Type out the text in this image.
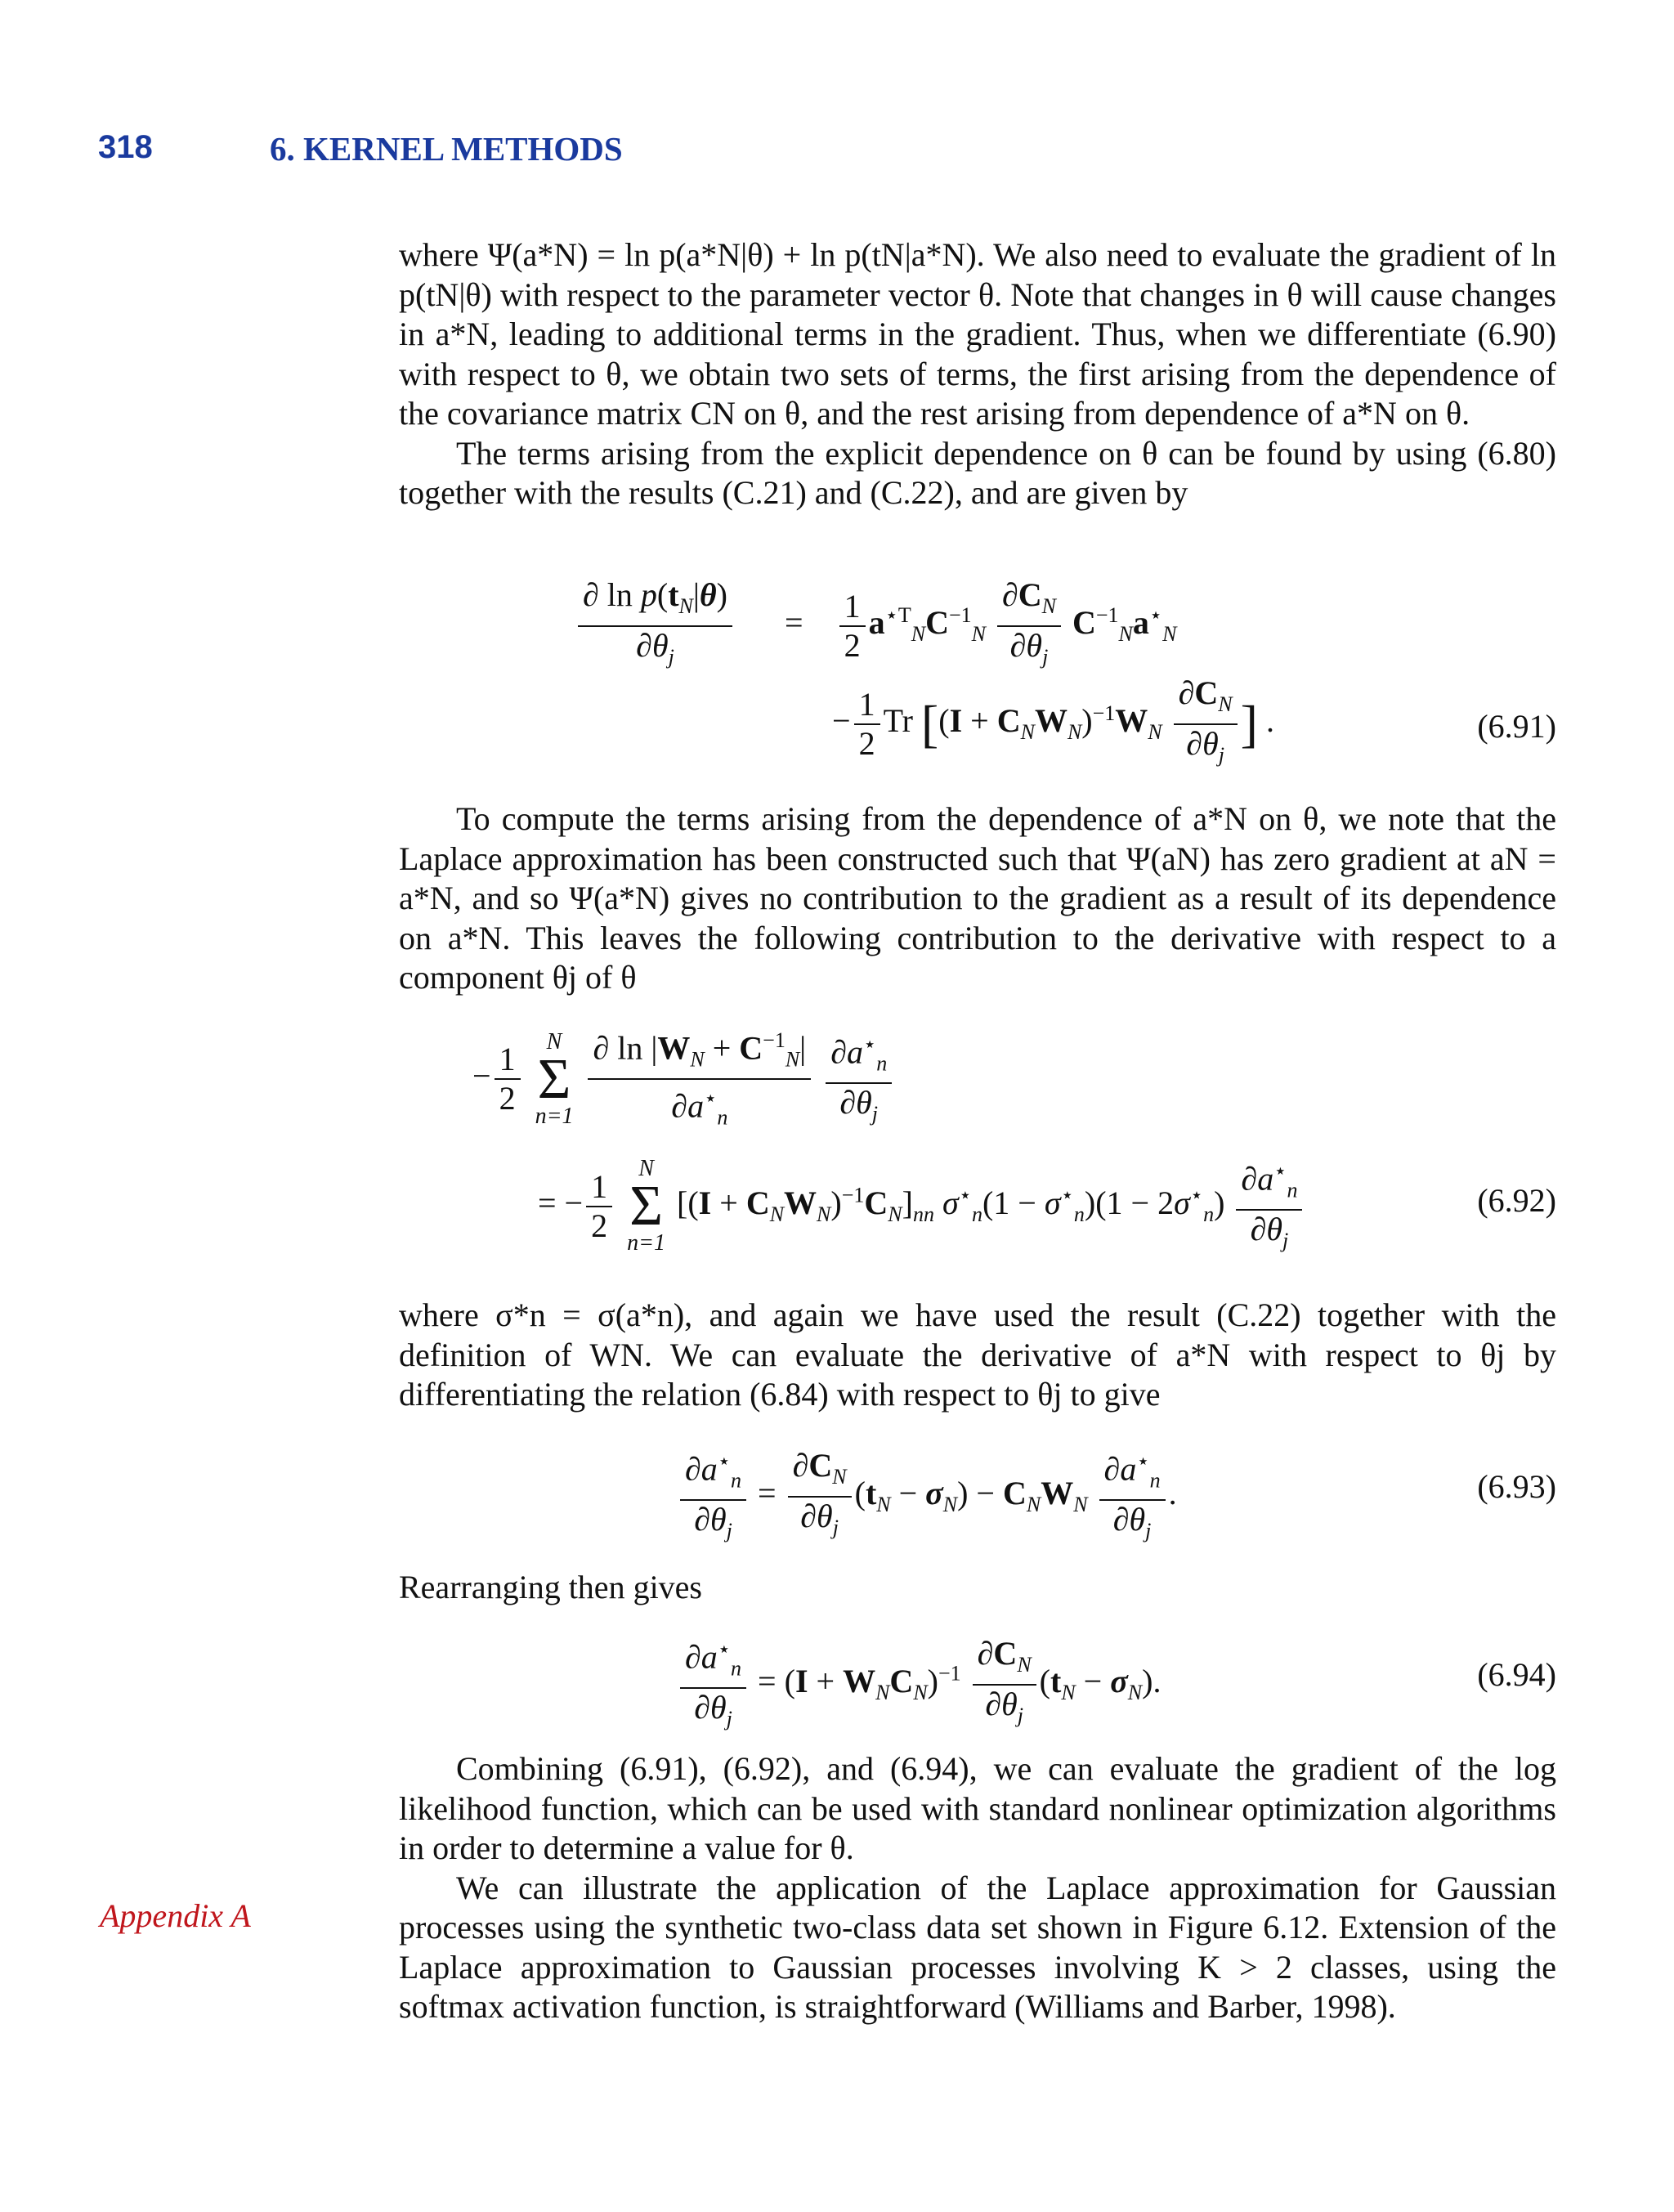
318	6. KERNEL METHODS
Appendix A

where Ψ(a*N) = ln p(a*N|θ) + ln p(tN|a*N). We also need to evaluate the gradient of ln p(tN|θ) with respect to the parameter vector θ. Note that changes in θ will cause changes in a*N, leading to additional terms in the gradient. Thus, when we differentiate (6.90) with respect to θ, we obtain two sets of terms, the first arising from the dependence of the covariance matrix CN on θ, and the rest arising from dependence of a*N on θ.

The terms arising from the explicit dependence on θ can be found by using (6.80) together with the results (C.21) and (C.22), and are given by

$\frac{\partial \ln p(t_N|\theta)}{\partial\theta_j} = \frac{1}{2} a^{⋆T}_NC^{-1}_N \frac{\partial C_N}{\partial\theta_j} C^{-1}_Na^⋆_N$
− $\frac{1}{2}$ Tr [$(I + C_NW_N)^{-1}W_N \frac{\partial C_N}{\partial\theta_j}$ ] .	(6.91)

To compute the terms arising from the dependence of a*N on θ, we note that the Laplace approximation has been constructed such that Ψ(aN) has zero gradient at aN = a*N, and so Ψ(a*N) gives no contribution to the gradient as a result of its dependence on a*N. This leaves the following contribution to the derivative with respect to a component θj of θ

− $\frac{1}{2}$
	N
Σ
n=1
$\frac{\partial \ln |W_N + C^{-1}_N|}{\partial a^⋆_n}$
$\frac{\partial a^⋆_n}{\partial\theta_j}$
= − $\frac{1}{2}$
	N
Σ
n=1
$[(I + C_NW_N)^{-1}C_N]_{nn}$ $\sigma^⋆_n(1 - \sigma^⋆_n)(1 - 2\sigma^⋆_n) \frac{\partial a^⋆_n}{\partial\theta_j}$	(6.92)

where σ*n = σ(a*n), and again we have used the result (C.22) together with the definition of WN. We can evaluate the derivative of a*N with respect to θj by differentiating the relation (6.84) with respect to θj to give

$\frac{\partial a^⋆_n}{\partial\theta_j} = \frac{\partial C_N}{\partial\theta_j} (t_N - \sigma_N) - C_NW_N \frac{\partial a^⋆_n}{\partial\theta_j}$ .	(6.93)

Rearranging then gives

$\frac{\partial a^⋆_n}{\partial\theta_j} = (I + W_NC_N)^{-1} \frac{\partial C_N}{\partial\theta_j} (t_N - \sigma_N)$.	(6.94)

Combining (6.91), (6.92), and (6.94), we can evaluate the gradient of the log likelihood function, which can be used with standard nonlinear optimization algorithms in order to determine a value for θ.

We can illustrate the application of the Laplace approximation for Gaussian processes using the synthetic two-class data set shown in Figure 6.12. Extension of the Laplace approximation to Gaussian processes involving K > 2 classes, using the softmax activation function, is straightforward (Williams and Barber, 1998).
